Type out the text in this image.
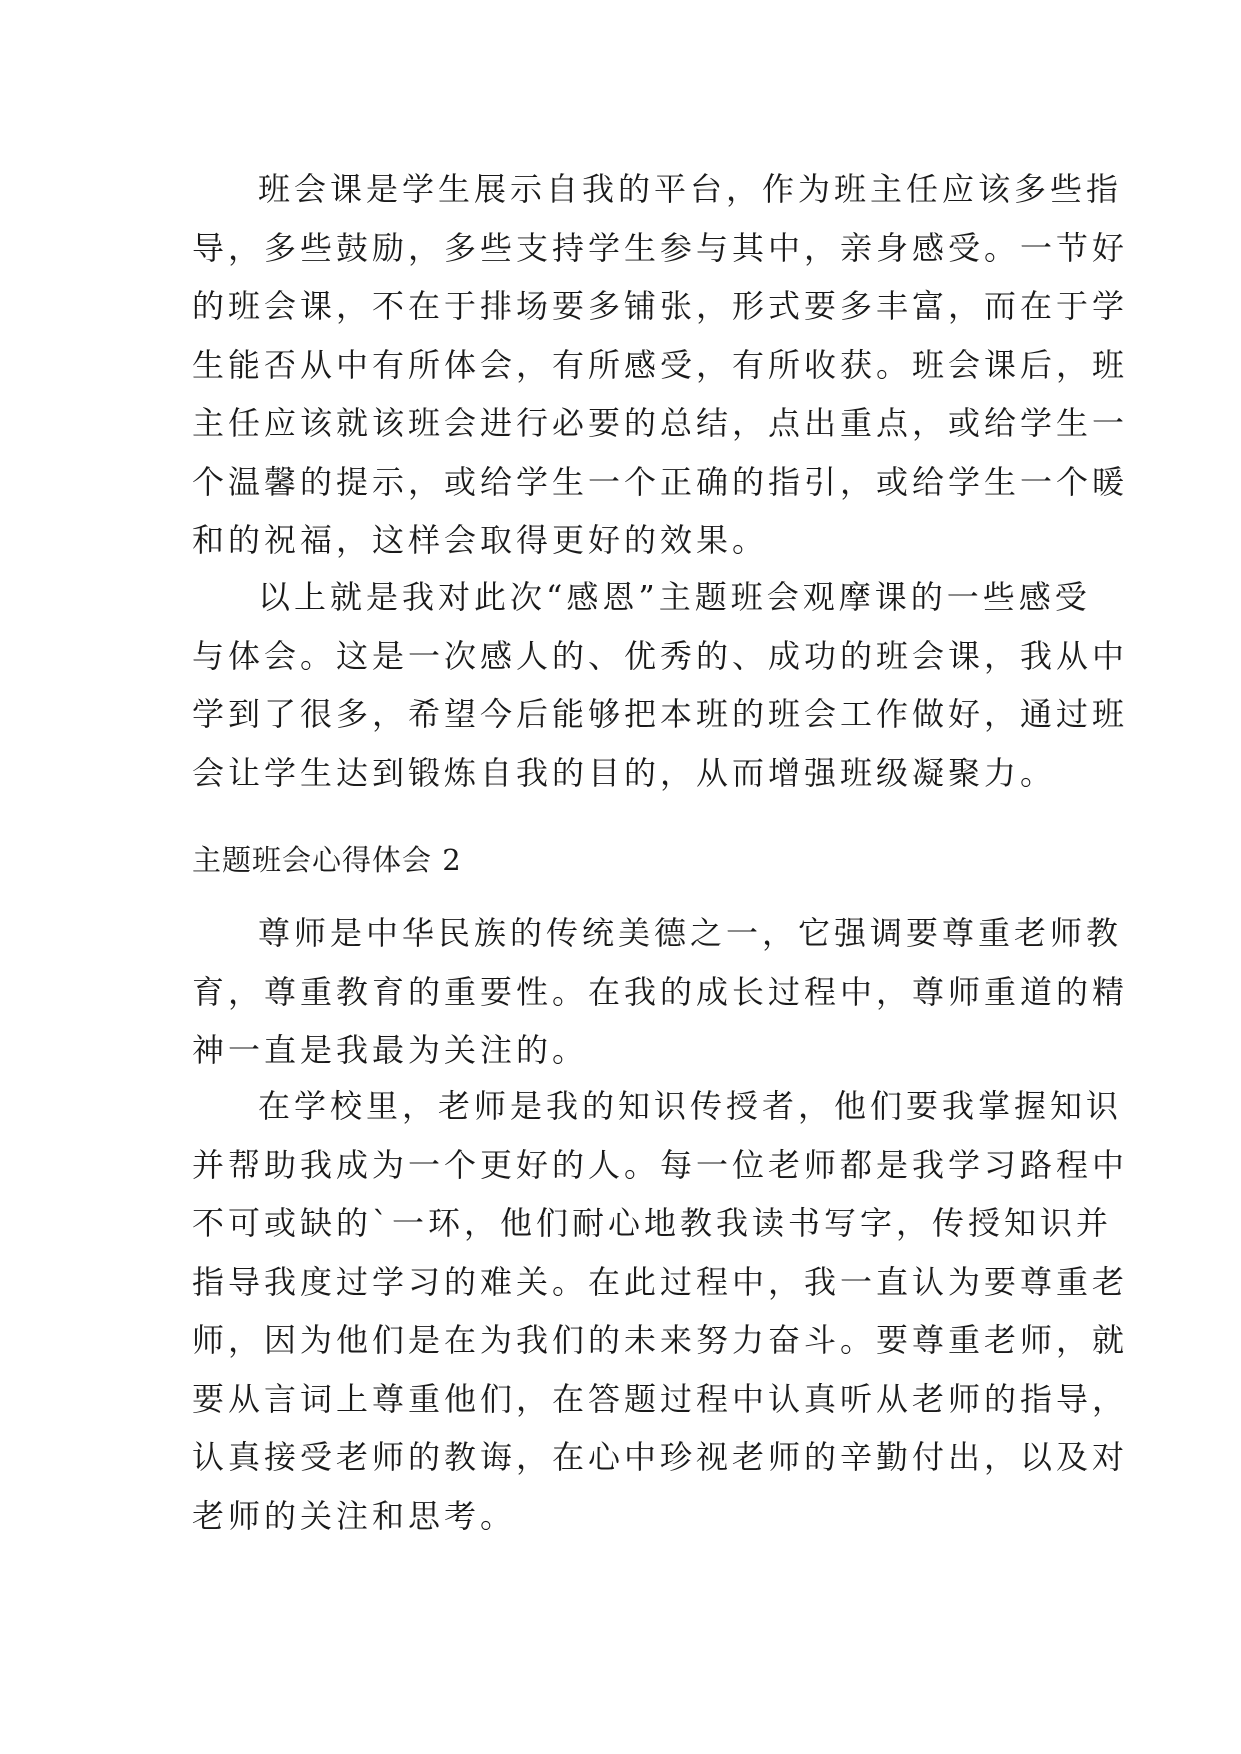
班会课是学生展示自我的平台，作为班主任应该多些指
导，多些鼓励，多些支持学生参与其中，亲身感受。一节好
的班会课，不在于排场要多铺张，形式要多丰富，而在于学
生能否从中有所体会，有所感受，有所收获。班会课后，班
主任应该就该班会进行必要的总结，点出重点，或给学生一
个温馨的提示，或给学生一个正确的指引，或给学生一个暖
和的祝福，这样会取得更好的效果。
以上就是我对此次“感恩”主题班会观摩课的一些感受
与体会。这是一次感人的、优秀的、成功的班会课，我从中
学到了很多，希望今后能够把本班的班会工作做好，通过班
会让学生达到锻炼自我的目的，从而增强班级凝聚力。
主题班会心得体会 2
尊师是中华民族的传统美德之一，它强调要尊重老师教
育，尊重教育的重要性。在我的成长过程中，尊师重道的精
神一直是我最为关注的。
在学校里，老师是我的知识传授者，他们要我掌握知识
并帮助我成为一个更好的人。每一位老师都是我学习路程中
不可或缺的`一环，他们耐心地教我读书写字，传授知识并
指导我度过学习的难关。在此过程中，我一直认为要尊重老
师，因为他们是在为我们的未来努力奋斗。要尊重老师，就
要从言词上尊重他们，在答题过程中认真听从老师的指导，
认真接受老师的教诲，在心中珍视老师的辛勤付出，以及对
老师的关注和思考。
